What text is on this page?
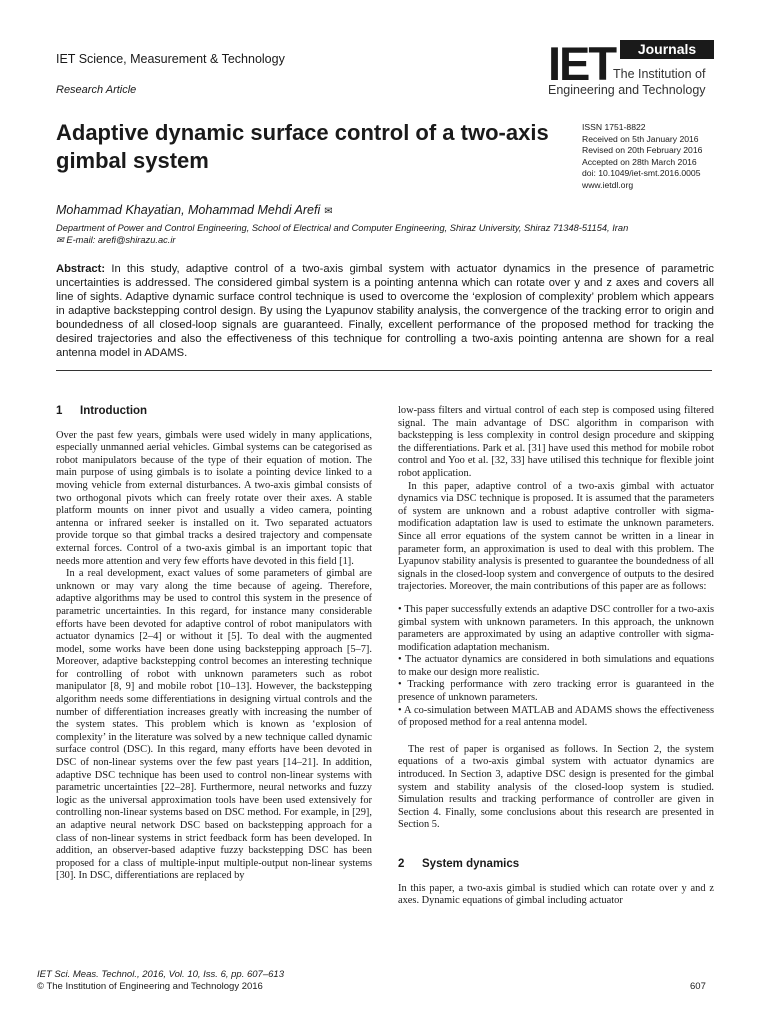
IET Science, Measurement & Technology
Research Article	IET	Journals
The Institution of
Engineering and Technology
Adaptive dynamic surface control of a two-axis gimbal system
ISSN 1751-8822
Received on 5th January 2016
Revised on 20th February 2016
Accepted on 28th March 2016
doi: 10.1049/iet-smt.2016.0005
www.ietdl.org
Mohammad Khayatian, Mohammad Mehdi Arefi ✉
Department of Power and Control Engineering, School of Electrical and Computer Engineering, Shiraz University, Shiraz 71348-51154, Iran
✉ E-mail: arefi@shirazu.ac.ir
Abstract: In this study, adaptive control of a two-axis gimbal system with actuator dynamics in the presence of parametric uncertainties is addressed. The considered gimbal system is a pointing antenna which can rotate over y and z axes and covers all line of sights. Adaptive dynamic surface control technique is used to overcome the ‘explosion of complexity’ problem which appears in adaptive backstepping control design. By using the Lyapunov stability analysis, the convergence of the tracking error to origin and boundedness of all closed-loop signals are guaranteed. Finally, excellent performance of the proposed method for tracking the desired trajectories and also the effectiveness of this technique for controlling a two-axis pointing antenna are shown for a real antenna model in ADAMS.
1 Introduction

Over the past few years, gimbals were used widely in many applications, especially unmanned aerial vehicles. Gimbal systems can be categorised as robot manipulators because of the type of their equation of motion. The main purpose of using gimbals is to isolate a pointing device linked to a moving vehicle from external disturbances. A two-axis gimbal consists of two orthogonal pivots which can freely rotate over their axes. A stable platform mounts on inner pivot and usually a video camera, pointing antenna or infrared seeker is installed on it. Two separated actuators provide torque so that gimbal tracks a desired trajectory and compensate external forces. Control of a two-axis gimbal is an important topic that needs more attention and very few efforts have devoted in this field [1].

In a real development, exact values of some parameters of gimbal are unknown or may vary along the time because of ageing. Therefore, adaptive algorithms may be used to control this system in the presence of parametric uncertainties. In this regard, for instance many considerable efforts have been devoted for adaptive control of robot manipulators with actuator dynamics [2–4] or without it [5]. To deal with the augmented model, some works have been done using backstepping approach [5–7]. Moreover, adaptive backstepping control becomes an interesting technique for controlling of robot with unknown parameters such as robot manipulator [8, 9] and mobile robot [10–13]. However, the backstepping algorithm needs some differentiations in designing virtual controls and the number of differentiation increases greatly with increasing the number of the system states. This problem which is known as ‘explosion of complexity’ in the literature was solved by a new technique called dynamic surface control (DSC). In this regard, many efforts have been devoted in DSC of non-linear systems over the few past years [14–21]. In addition, adaptive DSC technique has been used to control non-linear systems with parametric uncertainties [22–28]. Furthermore, neural networks and fuzzy logic as the universal approximation tools have been used extensively for controlling non-linear systems based on DSC method. For example, in [29], an adaptive neural network DSC based on backstepping approach for a class of non-linear systems in strict feedback form has been developed. In addition, an observer-based adaptive fuzzy backstepping DSC has been proposed for a class of multiple-input multiple-output non-linear systems [30]. In DSC, differentiations are replaced by

low-pass filters and virtual control of each step is composed using filtered signal. The main advantage of DSC algorithm in comparison with backstepping is less complexity in control design procedure and skipping the differentiations. Park et al. [31] have used this method for mobile robot control and Yoo et al. [32, 33] have utilised this technique for flexible joint robot application.

In this paper, adaptive control of a two-axis gimbal with actuator dynamics via DSC technique is proposed. It is assumed that the parameters of system are unknown and a robust adaptive controller with sigma-modification adaptation law is used to estimate the unknown parameters. Since all error equations of the system cannot be written in a linear in parameter form, an approximation is used to deal with this problem. The Lyapunov stability analysis is presented to guarantee the boundedness of all signals in the closed-loop system and convergence of outputs to the desired trajectories. Moreover, the main contributions of this paper are as follows:

• This paper successfully extends an adaptive DSC controller for a two-axis gimbal system with unknown parameters. In this approach, the unknown parameters are approximated by using an adaptive controller with sigma-modification adaptation mechanism.

• The actuator dynamics are considered in both simulations and equations to make our design more realistic.

• Tracking performance with zero tracking error is guaranteed in the presence of unknown parameters.

• A co-simulation between MATLAB and ADAMS shows the effectiveness of proposed method for a real antenna model.

The rest of paper is organised as follows. In Section 2, the system equations of a two-axis gimbal system with actuator dynamics are introduced. In Section 3, adaptive DSC design is presented for the gimbal system and stability analysis of the closed-loop system is studied. Simulation results and tracking performance of controller are given in Section 4. Finally, some conclusions about this research are presented in Section 5.

2 System dynamics

In this paper, a two-axis gimbal is studied which can rotate over y and z axes. Dynamic equations of gimbal including actuator

IET Sci. Meas. Technol., 2016, Vol. 10, Iss. 6, pp. 607–613
© The Institution of Engineering and Technology 2016	607
